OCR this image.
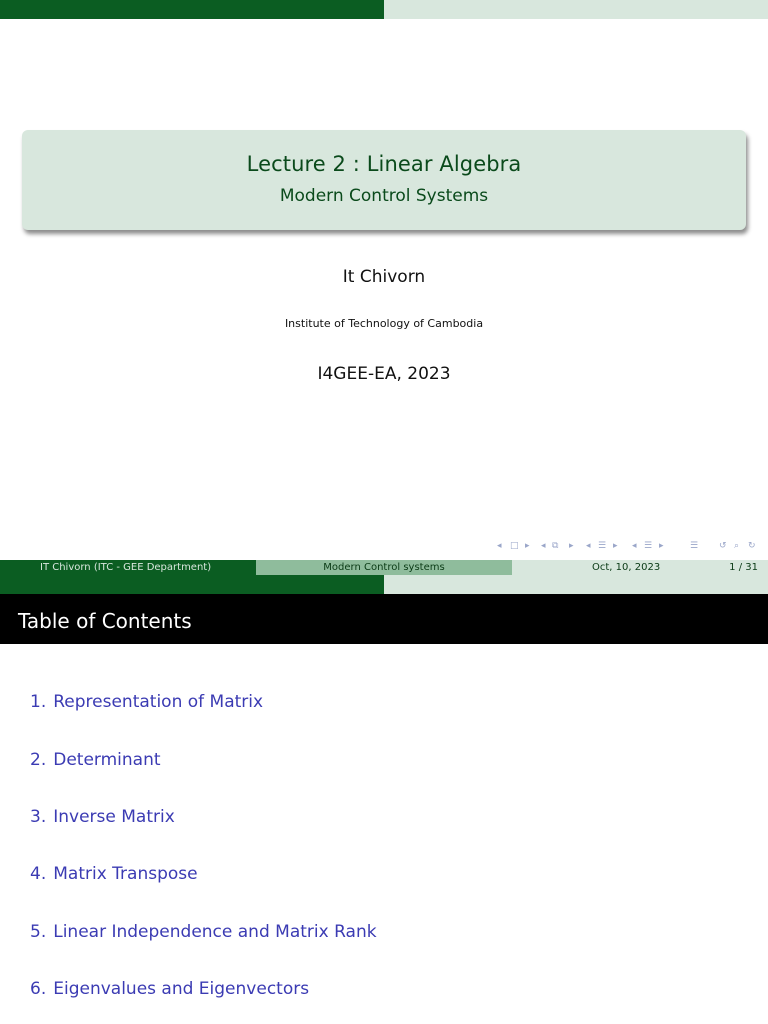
Lecture 2 : Linear Algebra
Modern Control Systems
It Chivorn
Institute of Technology of Cambodia
I4GEE-EA, 2023
◂ □ ▸ ◂ ⧉ ▸ ◂ ☰ ▸ ◂ ☰ ▸	☰ ↺ ⌕ ↻
IT Chivorn (ITC - GEE Department)	Modern Control systems	Oct, 10, 2023	1 / 31
Table of Contents
1. Representation of Matrix
2. Determinant
3. Inverse Matrix
4. Matrix Transpose
5. Linear Independence and Matrix Rank
6. Eigenvalues and Eigenvectors
